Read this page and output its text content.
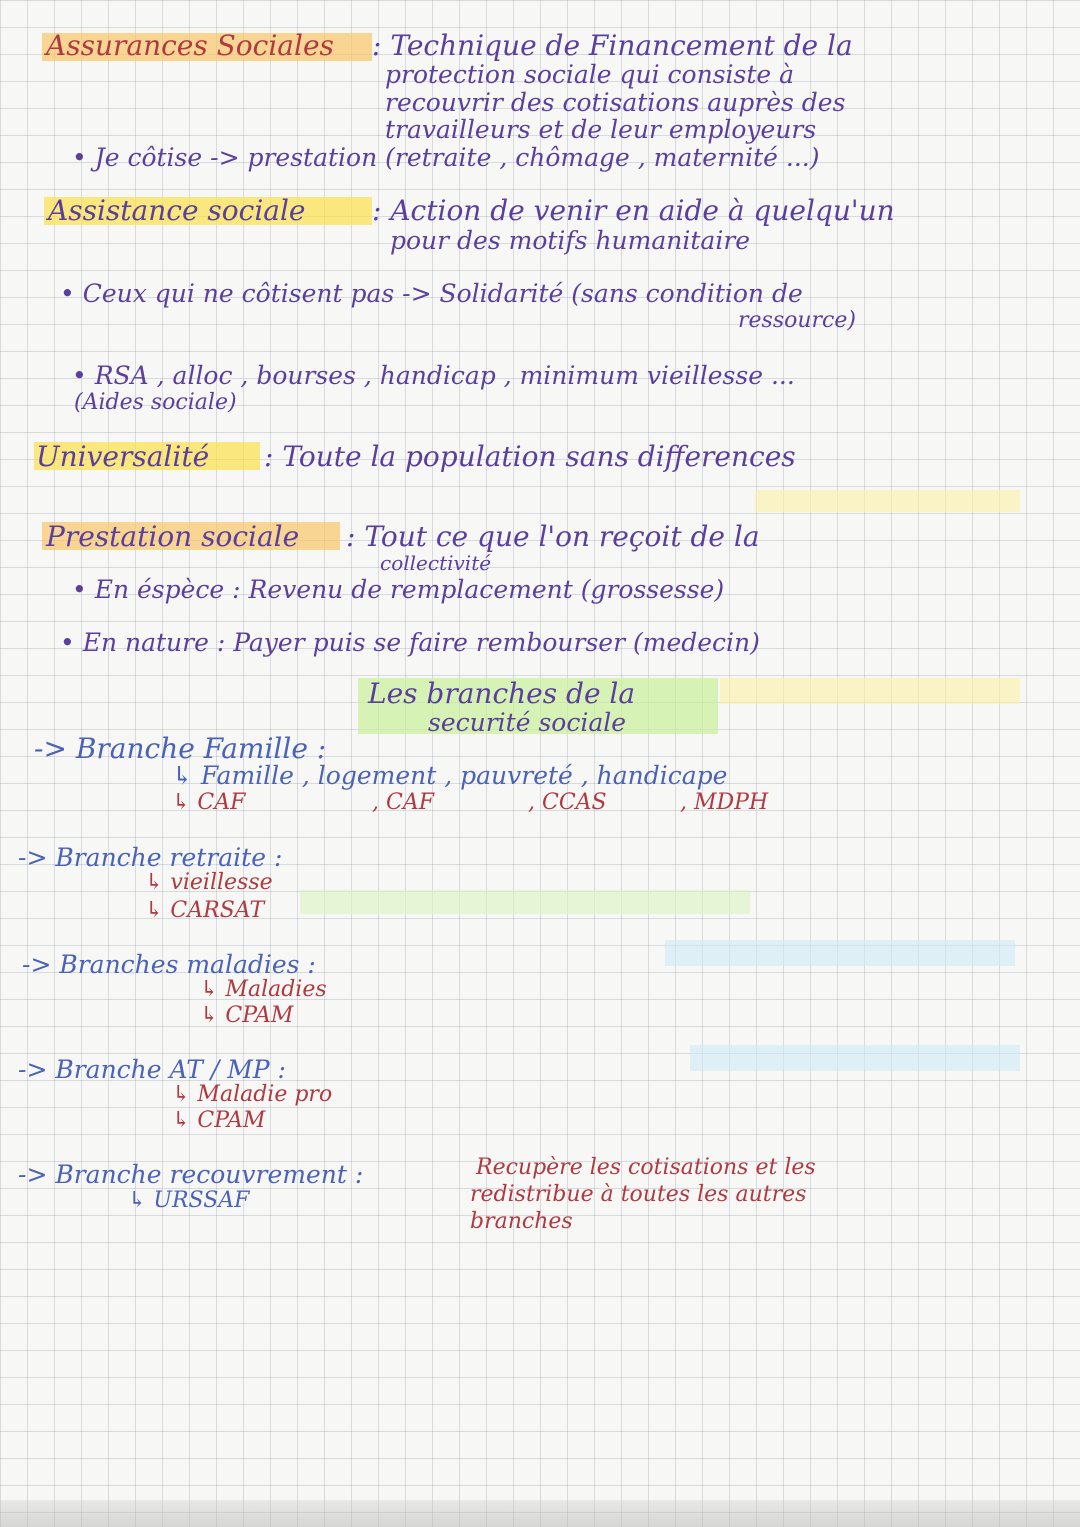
Assurances Sociales : Technique de Financement de la
protection sociale qui consiste à
recouvrir des cotisations auprès des
travailleurs et de leur employeurs
• Je côtise -> prestation (retraite , chômage , maternité ...)
Assistance sociale : Action de venir en aide à quelqu'un
pour des motifs humanitaire
• Ceux qui ne côtisent pas -> Solidarité (sans condition de
ressource)
• RSA , alloc , bourses , handicap , minimum vieillesse ...
(Aides sociale)
Universalité : Toute la population sans differences
Prestation sociale : Tout ce que l'on reçoit de la
collectivité
• En éspèce : Revenu de remplacement (grossesse)
• En nature : Payer puis se faire rembourser (medecin)
Les branches de la
securité sociale
-> Branche Famille :
↳ Famille , logement , pauvreté , handicape
↳ CAF	, CAF	, CCAS	, MDPH
-> Branche retraite :
↳ vieillesse
↳ CARSAT
-> Branches maladies :
↳ Maladies
↳ CPAM
-> Branche AT / MP :
↳ Maladie pro
↳ CPAM
-> Branche recouvrement :	Recupère les cotisations et les
redistribue à toutes les autres
branches
↳ URSSAF
